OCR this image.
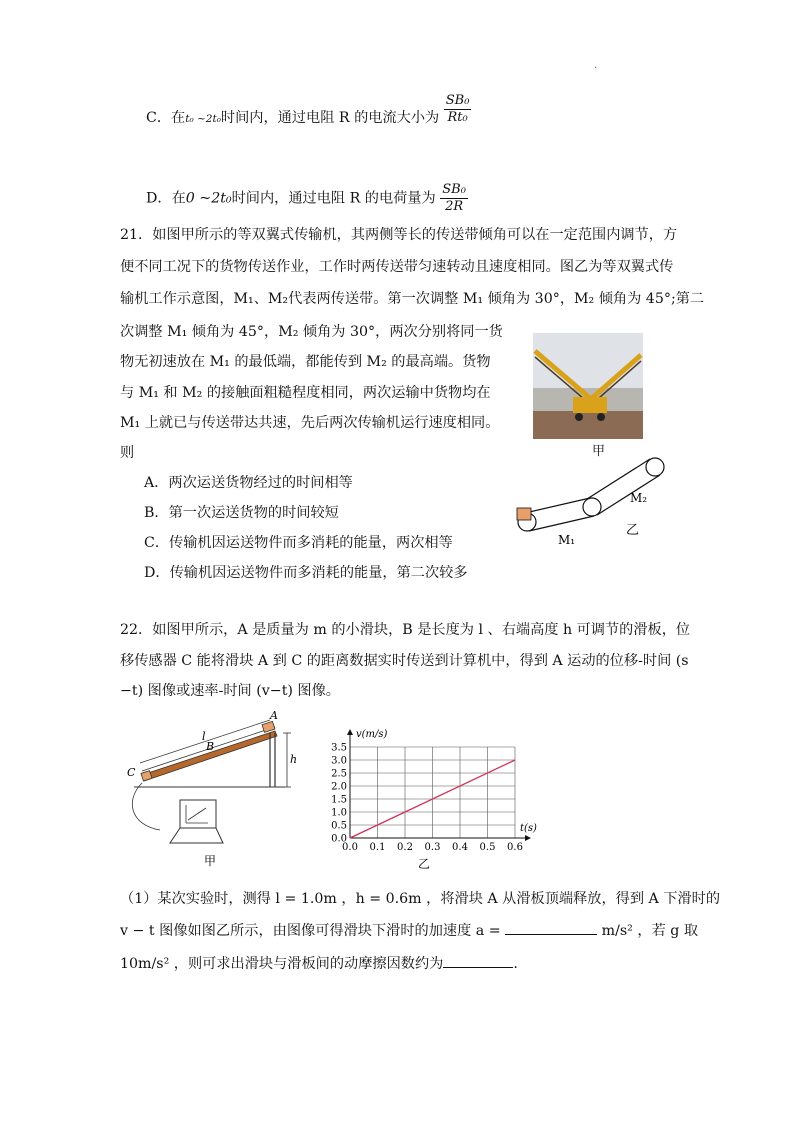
.
C．在t₀ ~2t₀时间内，通过电阻 R 的电流大小为 $\frac{\text{SB₀}}{\text{Rt₀}}$
D．在0 ~2t₀时间内，通过电阻 R 的电荷量为 $\frac{\text{SB₀}}{2R}$
21．如图甲所示的等双翼式传输机，其两侧等长的传送带倾角可以在一定范围内调节，方
便不同工况下的货物传送作业，工作时两传送带匀速转动且速度相同。图乙为等双翼式传
输机工作示意图，M₁、M₂代表两传送带。第一次调整 M₁ 倾角为 30°，M₂ 倾角为 45°;第二
次调整 M₁ 倾角为 45°，M₂ 倾角为 30°，两次分别将同一货
物无初速放在 M₁ 的最低端，都能传到 M₂ 的最高端。货物
与 M₁ 和 M₂ 的接触面粗糙程度相同，两次运输中货物均在
M₁ 上就已与传送带达共速，先后两次传输机运行速度相同。
则
A．两次运送货物经过的时间相等
B．第一次运送货物的时间较短
C．传输机因运送物件而多消耗的能量，两次相等
D．传输机因运送物件而多消耗的能量，第二次较多
甲
M₁
M₂
乙
22．如图甲所示，A 是质量为 m 的小滑块，B 是长度为 l 、右端高度 h 可调节的滑板，位
移传感器 C 能将滑块 A 到 C 的距离数据实时传送到计算机中，得到 A 运动的位移-时间 (s
−t) 图像或速率-时间 (v−t) 图像。
A
B
C
l
h
甲
0.0 0.1 0.2 0.3 0.4 0.5 0.6
0.0
0.5
1.0
1.5
2.0
2.5
3.0
3.5
v(m/s)
t(s)
乙
（1）某次实验时，测得 l = 1.0m ，h = 0.6m ，将滑块 A 从滑板顶端释放，得到 A 下滑时的
v − t 图像如图乙所示，由图像可得滑块下滑时的加速度 a =	m/s² ，若 g 取
10m/s² ，则可求出滑块与滑板间的动摩擦因数约为	.
